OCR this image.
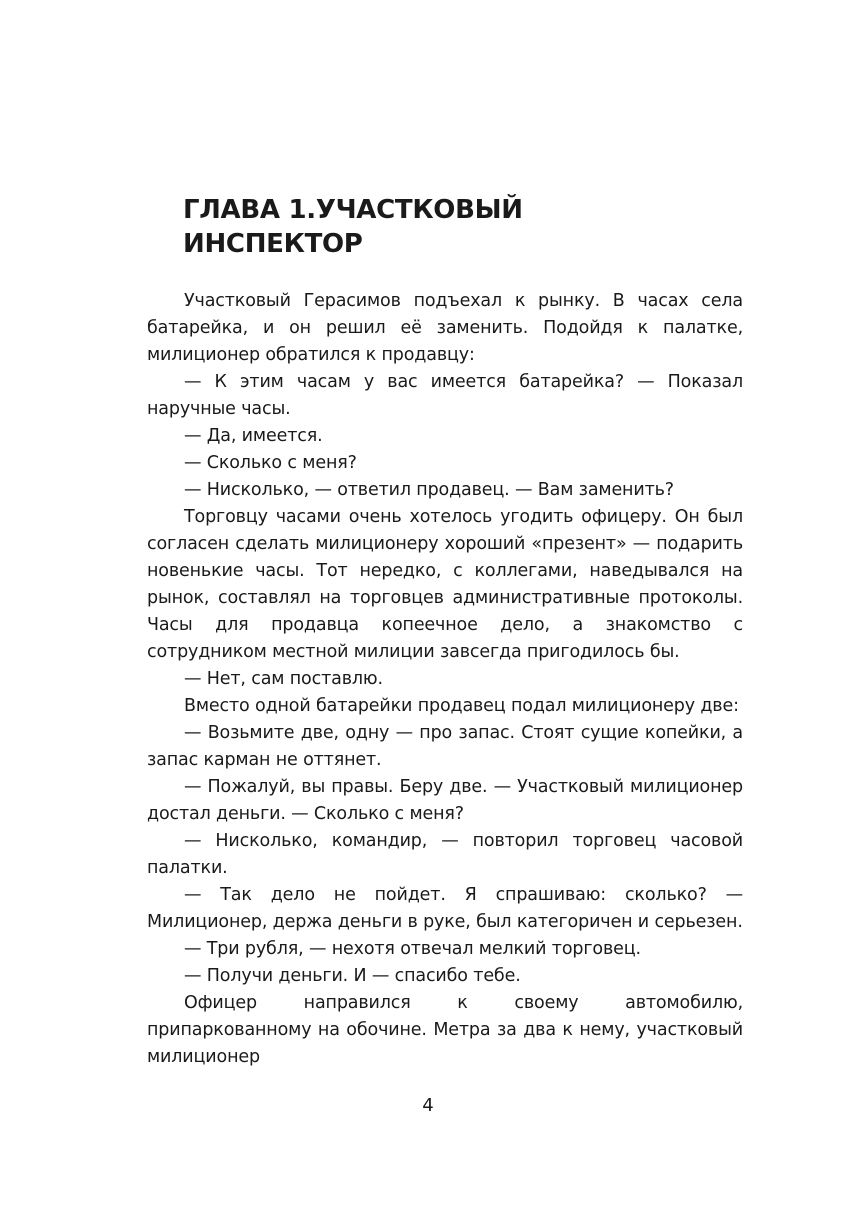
ГЛАВА 1.УЧАСТКОВЫЙ
ИНСПЕКТОР

Участковый Герасимов подъехал к рынку. В часах села батарейка, и он решил её заменить. Подойдя к палатке, милиционер обратился к продавцу:

— К этим часам у вас имеется батарейка? — Показал наручные часы.

— Да, имеется.

— Сколько с меня?

— Нисколько, — ответил продавец. — Вам заменить?

Торговцу часами очень хотелось угодить офицеру. Он был согласен сделать милиционеру хороший «презент» — подарить новенькие часы. Тот нередко, с коллегами, наведывался на рынок, составлял на торговцев административные протоколы. Часы для продавца копеечное дело, а знакомство с сотрудником местной милиции завсегда пригодилось бы.

— Нет, сам поставлю.

Вместо одной батарейки продавец подал милиционеру две:

— Возьмите две, одну — про запас. Стоят сущие копейки, а запас карман не оттянет.

— Пожалуй, вы правы. Беру две. — Участковый милиционер достал деньги. — Сколько с меня?

— Нисколько, командир, — повторил торговец часовой палатки.

— Так дело не пойдет. Я спрашиваю: сколько? — Милиционер, держа деньги в руке, был категоричен и серьезен.

— Три рубля, — нехотя отвечал мелкий торговец.

— Получи деньги. И — спасибо тебе.

Офицер направился к своему автомобилю, припаркованному на обочине. Метра за два к нему, участковый милиционер

4
